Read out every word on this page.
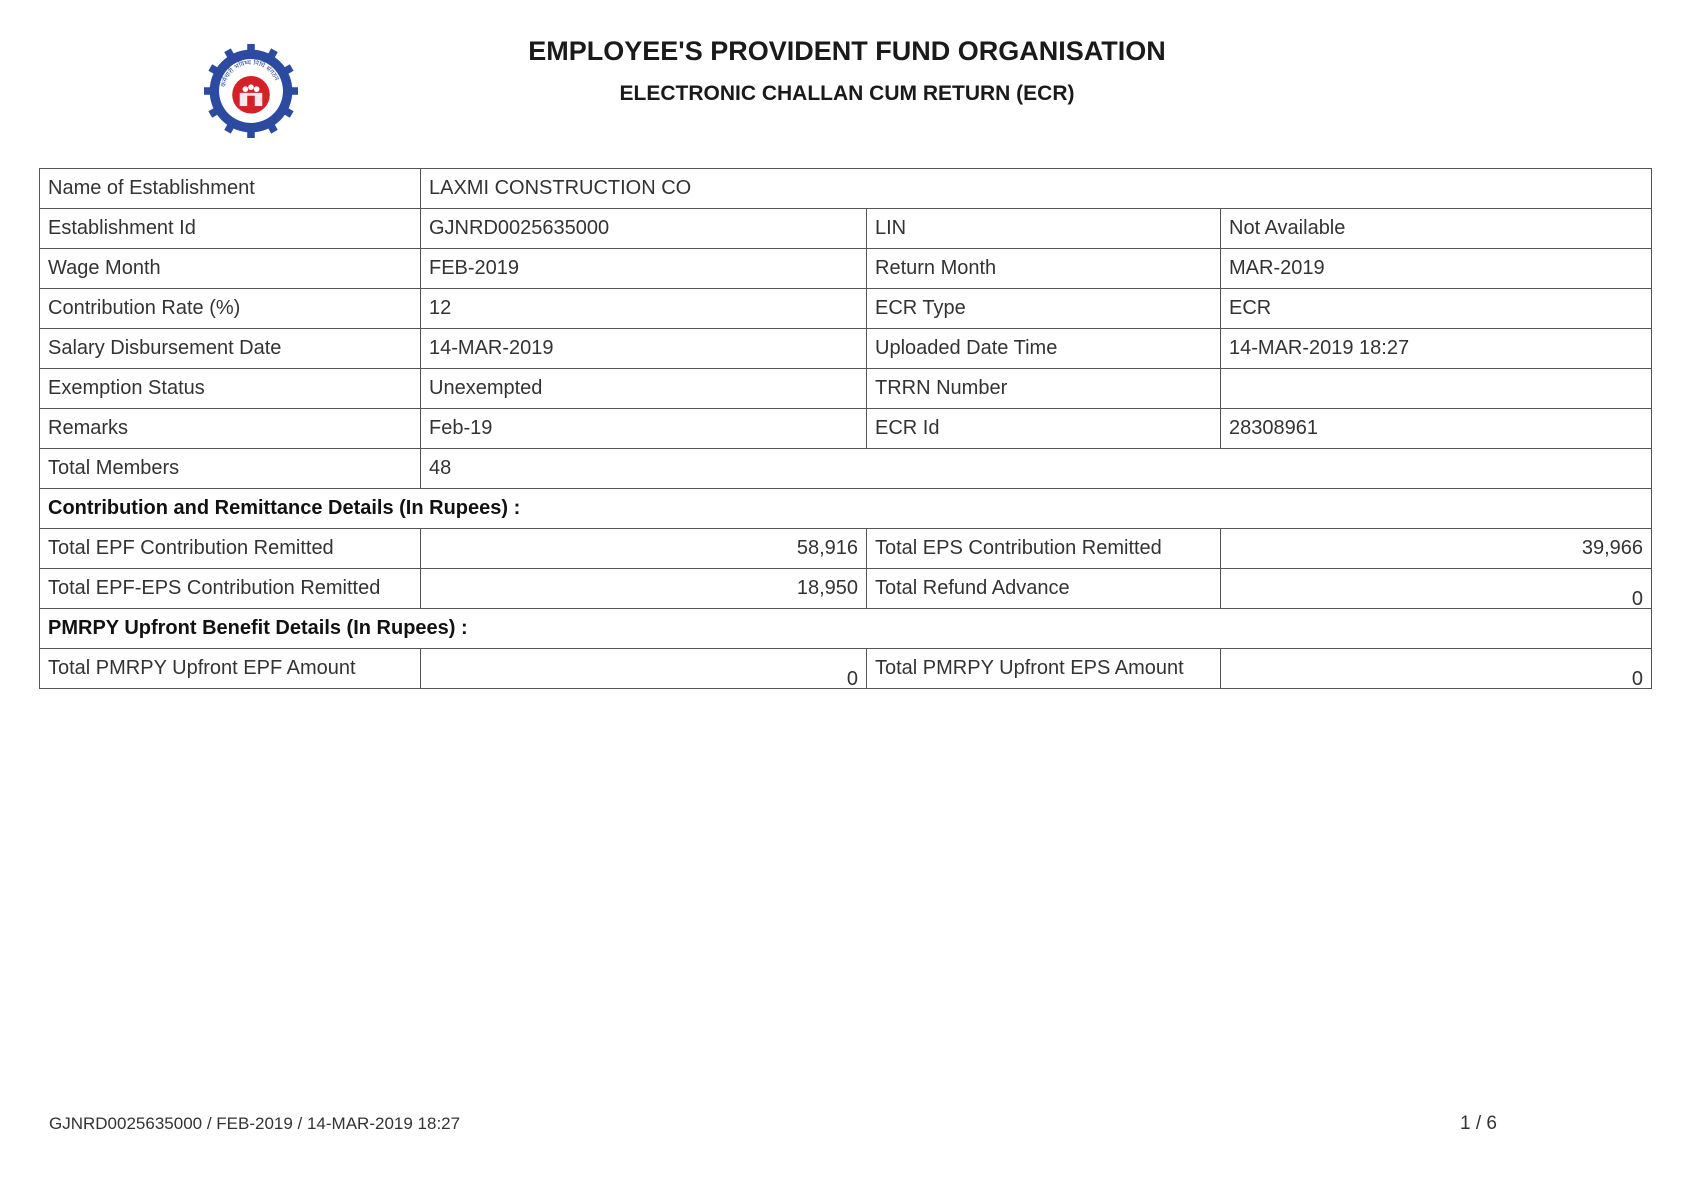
कर्मचारी भविष्य निधि संगठन
EMPLOYEE'S PROVIDENT FUND ORGANISATION
ELECTRONIC CHALLAN CUM RETURN (ECR)
Name of Establishment	LAXMI CONSTRUCTION CO		
Establishment Id	GJNRD0025635000	LIN	Not Available
Wage Month	FEB-2019	Return Month	MAR-2019
Contribution Rate (%)	12	ECR Type	ECR
Salary Disbursement Date	14-MAR-2019	Uploaded Date Time	14-MAR-2019 18:27
Exemption Status	Unexempted	TRRN Number	
Remarks	Feb-19	ECR Id	28308961
Total Members	48		
Contribution and Remittance Details (In Rupees) :			
Total EPF Contribution Remitted	58,916	Total EPS Contribution Remitted	39,966
Total EPF-EPS Contribution Remitted	18,950	Total Refund Advance	0
PMRPY Upfront Benefit Details (In Rupees) :			
Total PMRPY Upfront EPF Amount	0	Total PMRPY Upfront EPS Amount	0
GJNRD0025635000 / FEB-2019 / 14-MAR-2019 18:27	1 / 6
